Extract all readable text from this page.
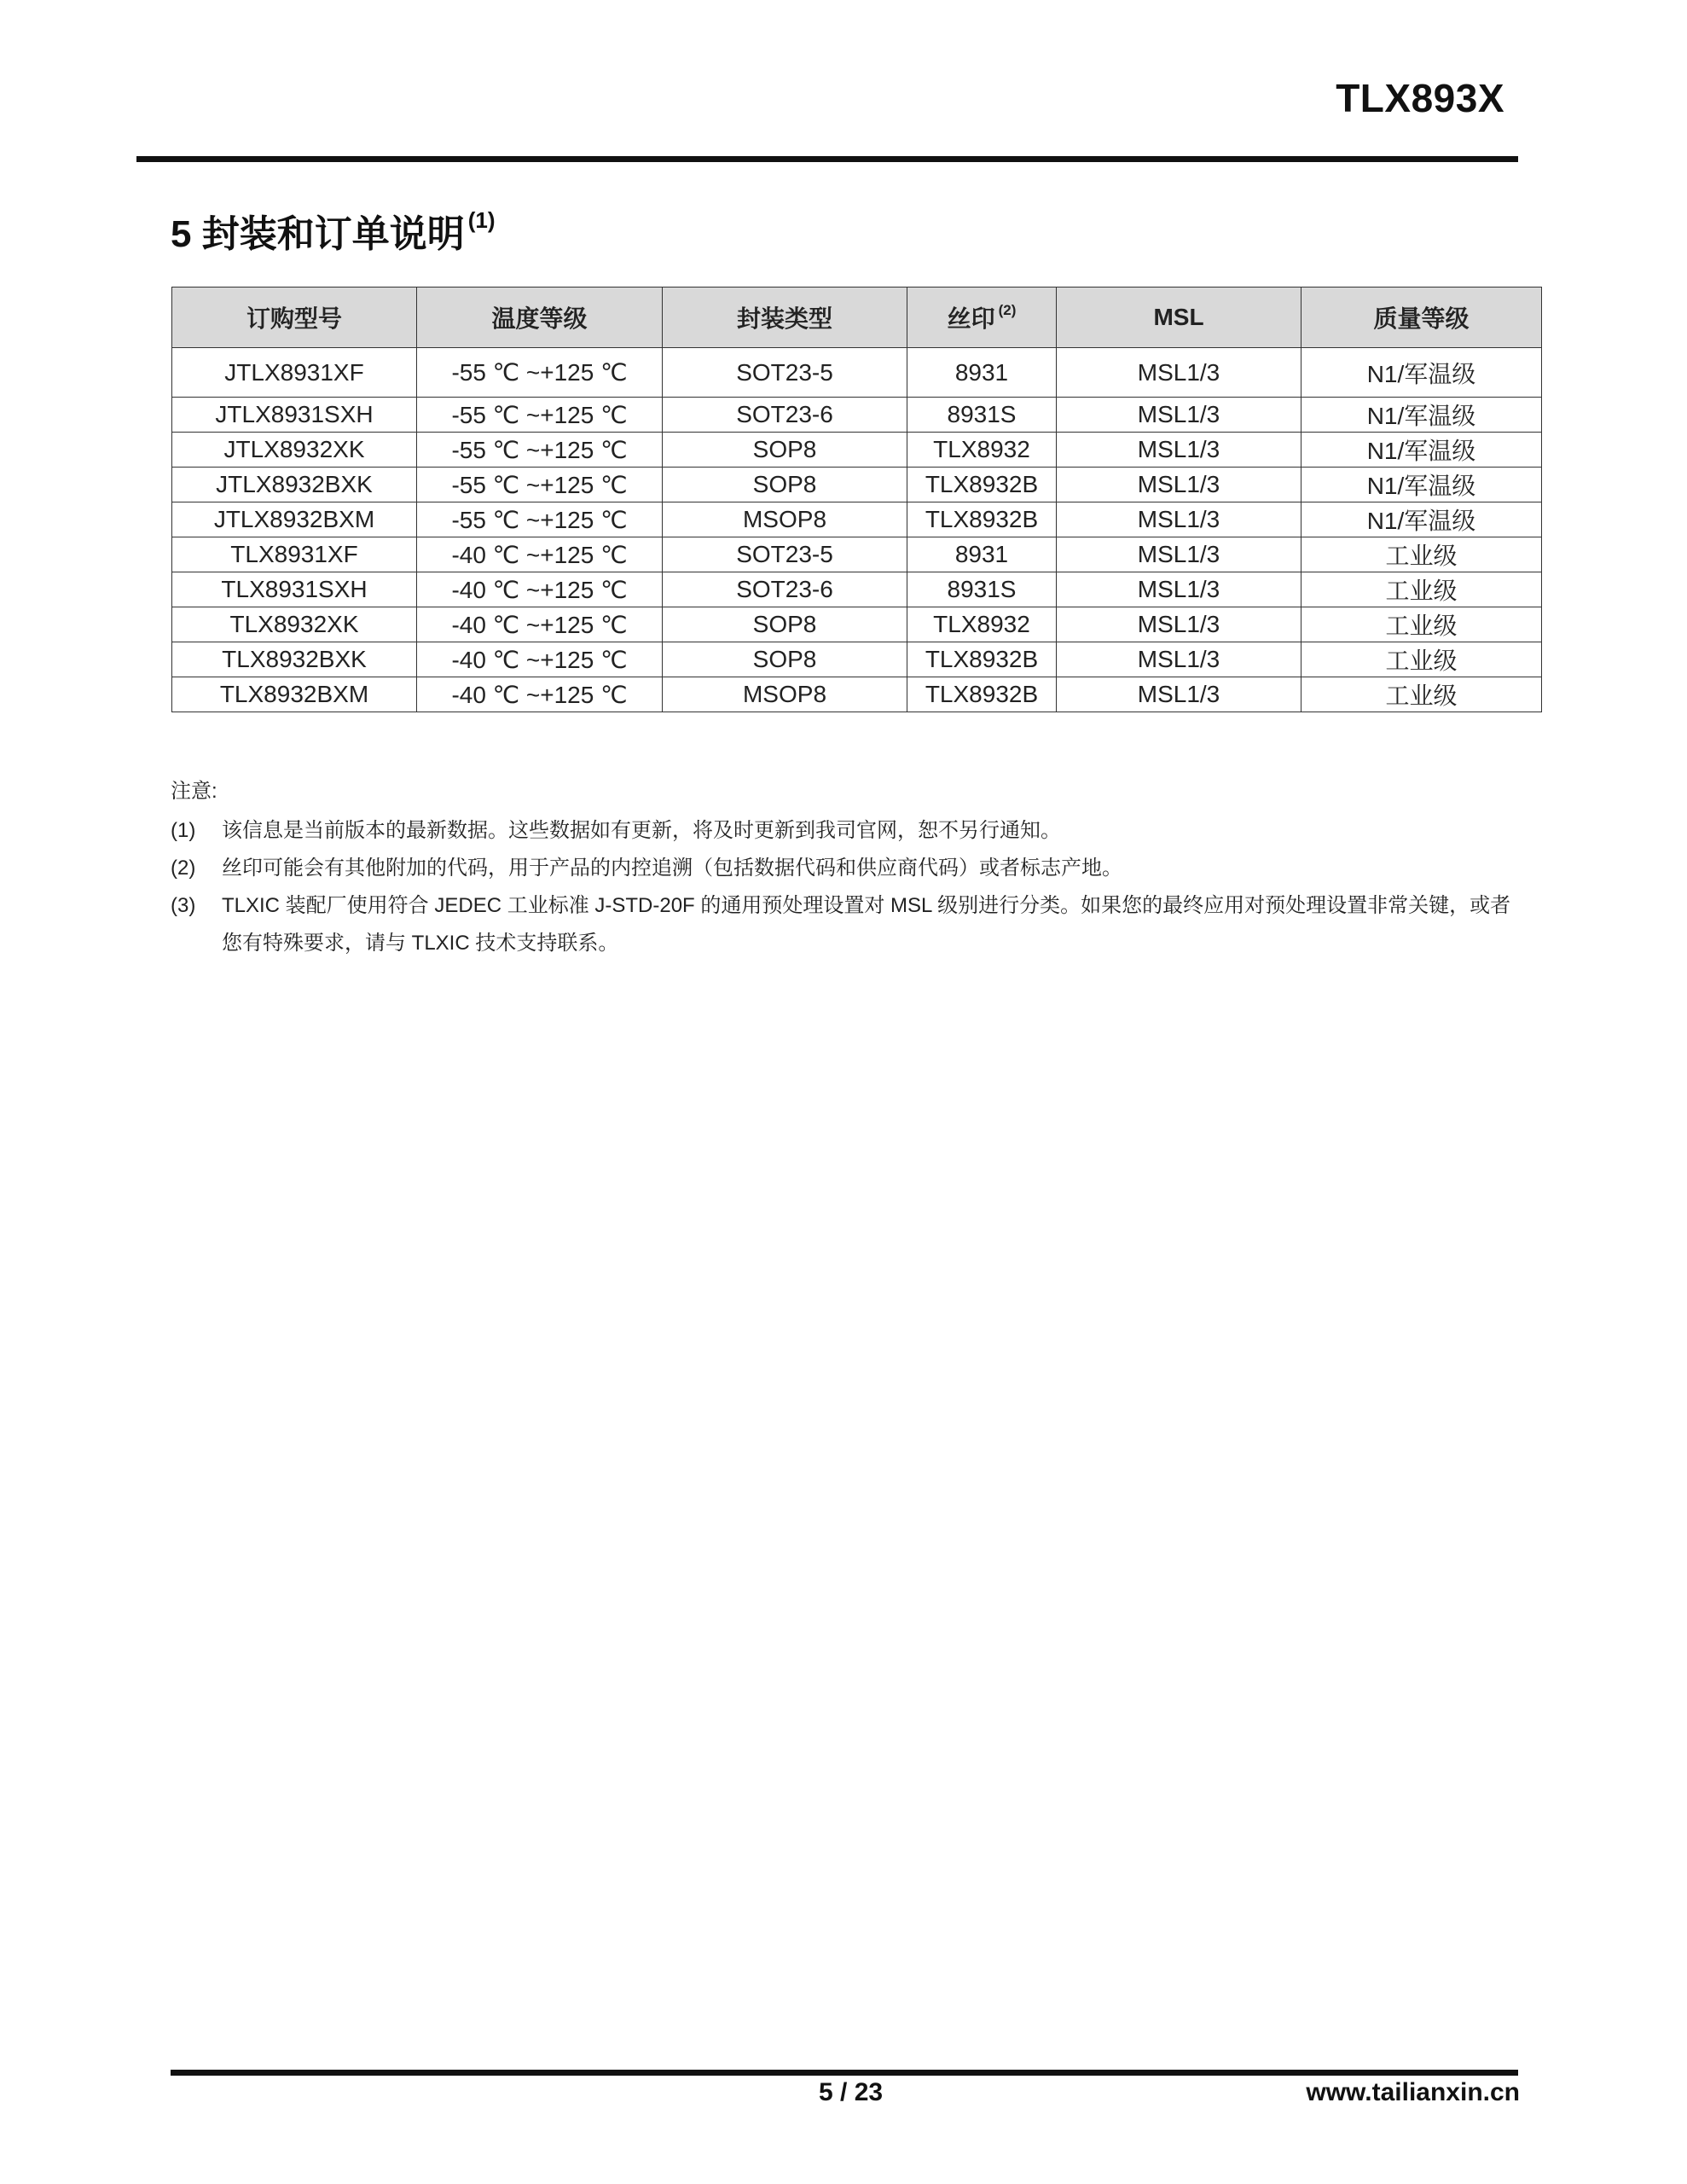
TLX893X
5 封装和订单说明 $^{(1)}$
订购型号	温度等级	封装类型	丝印 $^{(2)}$	MSL	质量等级
JTLX8931XF	-55 ℃ ~+125 ℃	SOT23-5	8931	MSL1/3	N1/军温级
JTLX8931SXH	-55 ℃ ~+125 ℃	SOT23-6	8931S	MSL1/3	N1/军温级
JTLX8932XK	-55 ℃ ~+125 ℃	SOP8	TLX8932	MSL1/3	N1/军温级
JTLX8932BXK	-55 ℃ ~+125 ℃	SOP8	TLX8932B	MSL1/3	N1/军温级
JTLX8932BXM	-55 ℃ ~+125 ℃	MSOP8	TLX8932B	MSL1/3	N1/军温级
TLX8931XF	-40 ℃ ~+125 ℃	SOT23-5	8931	MSL1/3	工业级
TLX8931SXH	-40 ℃ ~+125 ℃	SOT23-6	8931S	MSL1/3	工业级
TLX8932XK	-40 ℃ ~+125 ℃	SOP8	TLX8932	MSL1/3	工业级
TLX8932BXK	-40 ℃ ~+125 ℃	SOP8	TLX8932B	MSL1/3	工业级
TLX8932BXM	-40 ℃ ~+125 ℃	MSOP8	TLX8932B	MSL1/3	工业级
注意:
(1)	该信息是当前版本的最新数据。这些数据如有更新，将及时更新到我司官网，恕不另行通知。
(2)	丝印可能会有其他附加的代码，用于产品的内控追溯（包括数据代码和供应商代码）或者标志产地。
(3)	TLXIC 装配厂使用符合 JEDEC 工业标准 J-STD-20F 的通用预处理设置对 MSL 级别进行分类。如果您的最终应用对预处理设置非常关键，或者您有特殊要求，请与 TLXIC 技术支持联系。
5 / 23	www.tailianxin.cn
